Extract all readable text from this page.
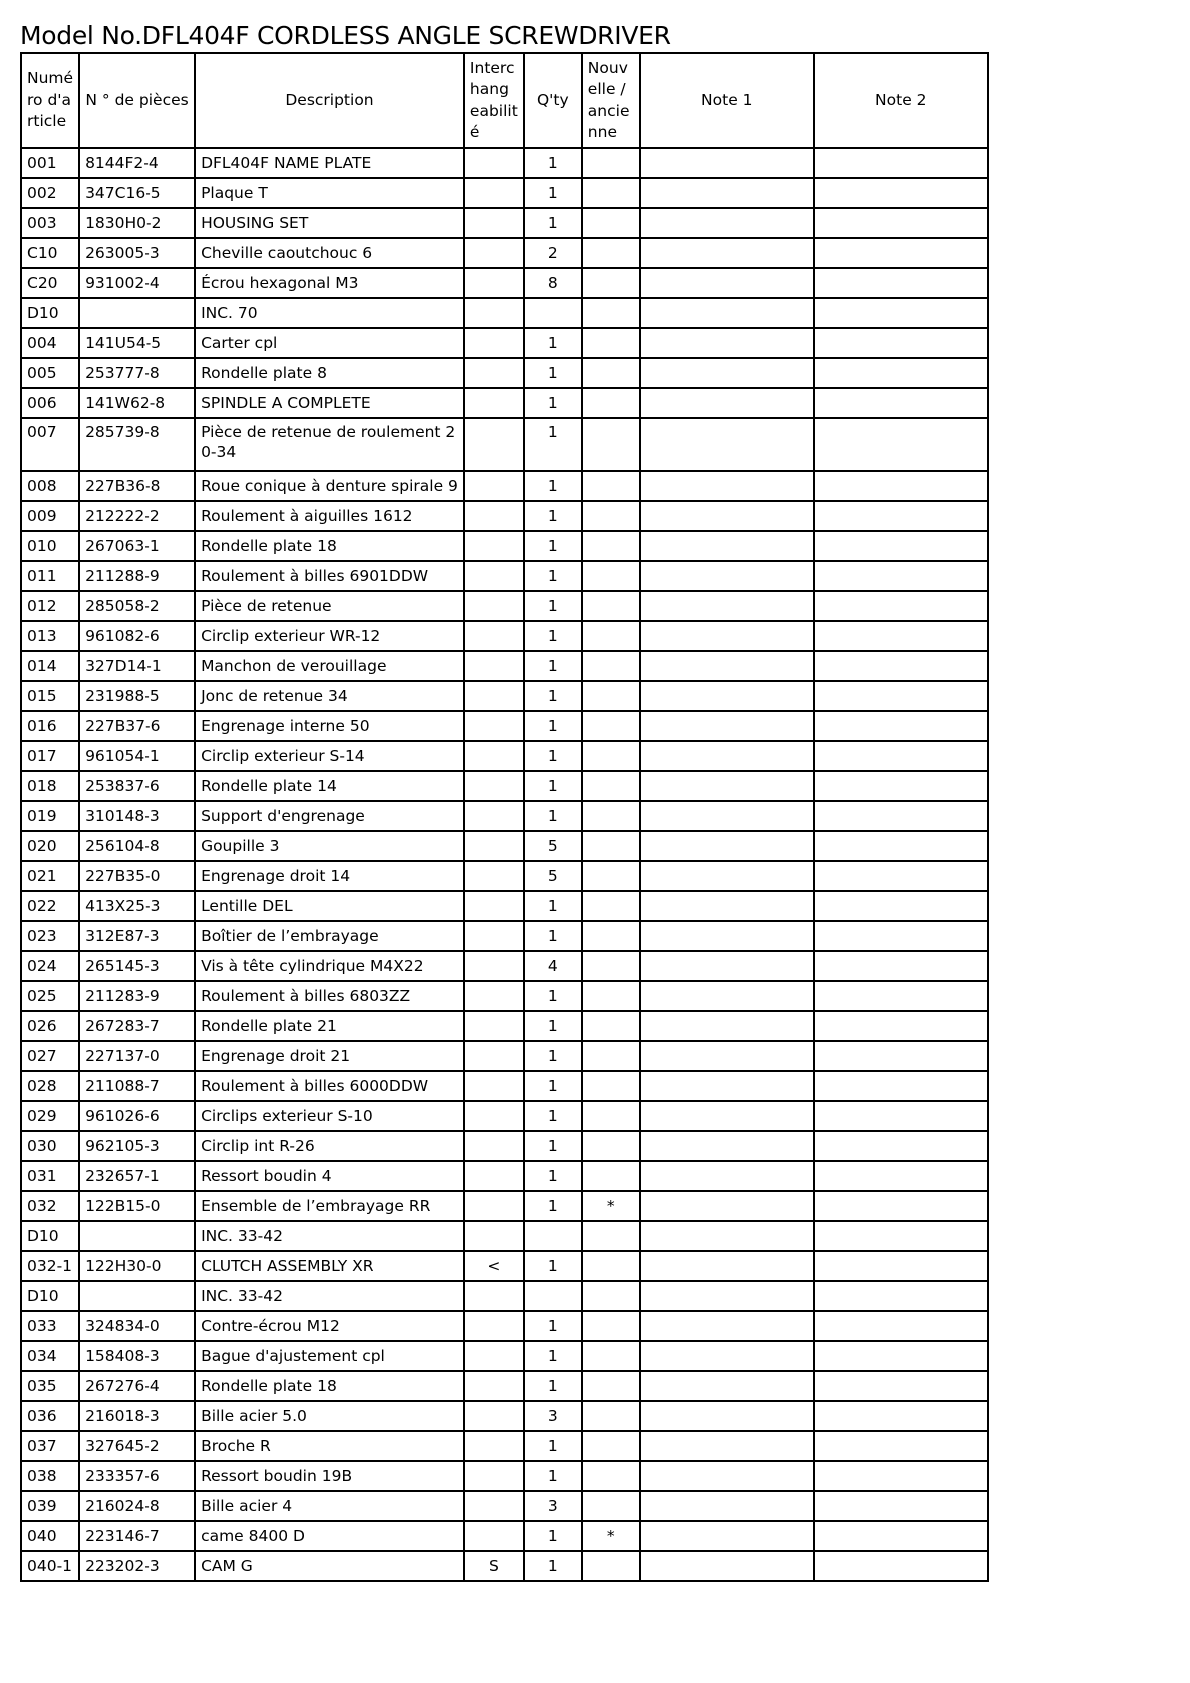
Model No.DFL404F CORDLESS ANGLE SCREWDRIVER
Numé ro d'a rticle	N ° de pièces	Description	Interc hang eabilit é	Q'ty	Nouv elle / ancie nne	Note 1	Note 2
001	8144F2-4	DFL404F NAME PLATE		1			
002	347C16-5	Plaque T		1			
003	1830H0-2	HOUSING SET		1			
C10	263005-3	Cheville caoutchouc 6		2			
C20	931002-4	Écrou hexagonal M3		8			
D10		INC. 70					
004	141U54-5	Carter cpl		1			
005	253777-8	Rondelle plate 8		1			
006	141W62-8	SPINDLE A COMPLETE		1			
007	285739-8	Pièce de retenue de roulement 2 0-34		1			
008	227B36-8	Roue conique à denture spirale 9		1			
009	212222-2	Roulement à aiguilles 1612		1			
010	267063-1	Rondelle plate 18		1			
011	211288-9	Roulement à billes 6901DDW		1			
012	285058-2	Pièce de retenue		1			
013	961082-6	Circlip exterieur WR-12		1			
014	327D14-1	Manchon de verouillage		1			
015	231988-5	Jonc de retenue 34		1			
016	227B37-6	Engrenage interne 50		1			
017	961054-1	Circlip exterieur S-14		1			
018	253837-6	Rondelle plate 14		1			
019	310148-3	Support d'engrenage		1			
020	256104-8	Goupille 3		5			
021	227B35-0	Engrenage droit 14		5			
022	413X25-3	Lentille DEL		1			
023	312E87-3	Boîtier de l’embrayage		1			
024	265145-3	Vis à tête cylindrique M4X22		4			
025	211283-9	Roulement à billes 6803ZZ		1			
026	267283-7	Rondelle plate 21		1			
027	227137-0	Engrenage droit 21		1			
028	211088-7	Roulement à billes 6000DDW		1			
029	961026-6	Circlips exterieur S-10		1			
030	962105-3	Circlip int R-26		1			
031	232657-1	Ressort boudin 4		1			
032	122B15-0	Ensemble de l’embrayage RR		1	*		
D10		INC. 33-42					
032-1	122H30-0	CLUTCH ASSEMBLY XR	<	1			
D10		INC. 33-42					
033	324834-0	Contre-écrou M12		1			
034	158408-3	Bague d'ajustement cpl		1			
035	267276-4	Rondelle plate 18		1			
036	216018-3	Bille acier 5.0		3			
037	327645-2	Broche R		1			
038	233357-6	Ressort boudin 19B		1			
039	216024-8	Bille acier 4		3			
040	223146-7	came 8400 D		1	*		
040-1	223202-3	CAM G	S	1			
